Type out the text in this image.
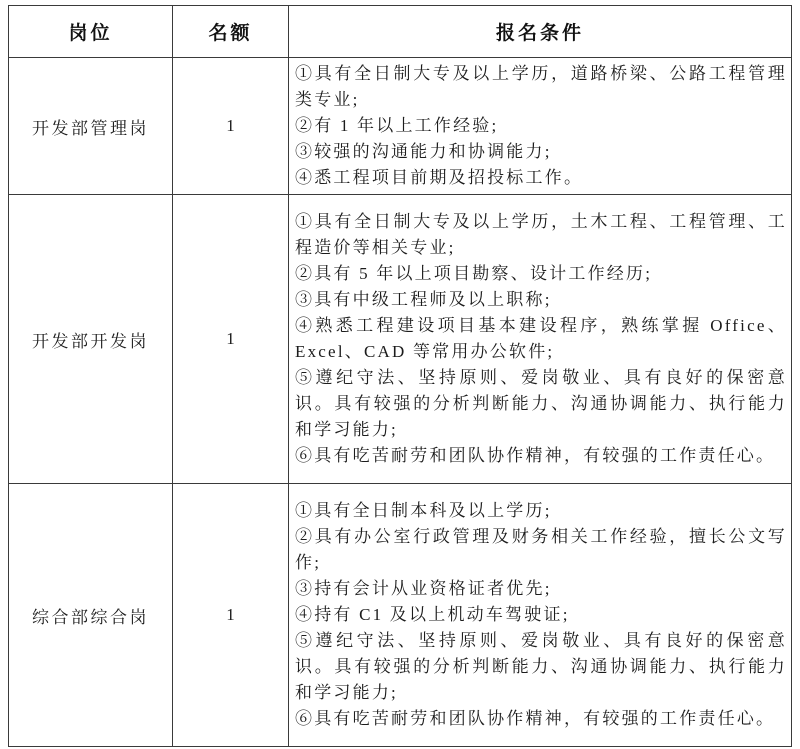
岗位	名额	报名条件
开发部管理岗	1	①具有全日制大专及以上学历，道路桥梁、公路工程管理类专业;
②有 1 年以上工作经验;
③较强的沟通能力和协调能力;
④悉工程项目前期及招投标工作。

开发部开发岗	1	
①具有全日制大专及以上学历，土木工程、工程管理、工程造价等相关专业;
②具有 5 年以上项目勘察、设计工作经历;
③具有中级工程师及以上职称;
④熟悉工程建设项目基本建设程序，熟练掌握 Office、Excel、CAD 等常用办公软件;
⑤遵纪守法、坚持原则、爱岗敬业、具有良好的保密意识。具有较强的分析判断能力、沟通协调能力、执行能力和学习能力;
⑥具有吃苦耐劳和团队协作精神，有较强的工作责任心。

综合部综合岗	1	
①具有全日制本科及以上学历;
②具有办公室行政管理及财务相关工作经验，擅长公文写作;
③持有会计从业资格证者优先;
④持有 C1 及以上机动车驾驶证;
⑤遵纪守法、坚持原则、爱岗敬业、具有良好的保密意识。具有较强的分析判断能力、沟通协调能力、执行能力和学习能力;
⑥具有吃苦耐劳和团队协作精神，有较强的工作责任心。
